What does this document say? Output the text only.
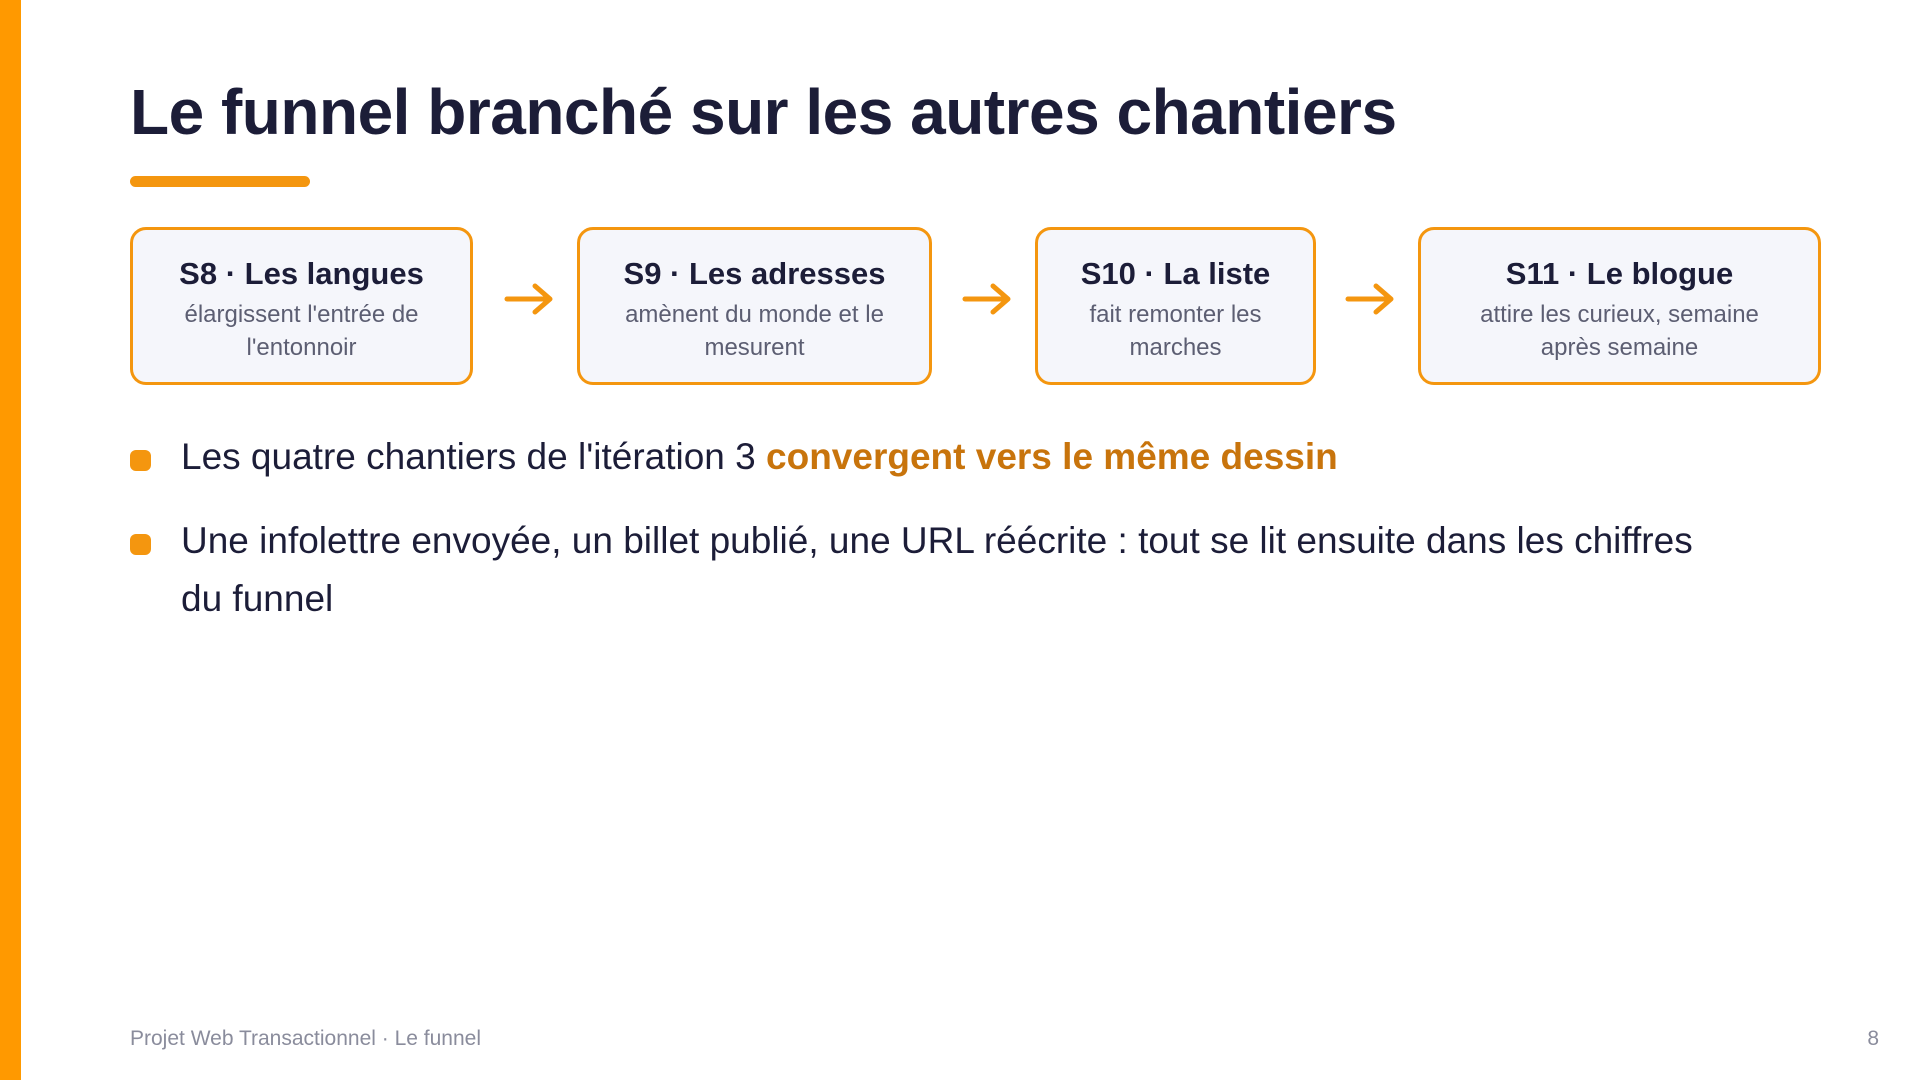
Le funnel branché sur les autres chantiers
S8 · Les langues
élargissent l'entrée de l'entonnoir
S9 · Les adresses
amènent du monde et le mesurent
S10 · La liste
fait remonter les marches
S11 · Le blogue
attire les curieux, semaine après semaine
Les quatre chantiers de l'itération 3 convergent vers le même dessin
Une infolettre envoyée, un billet publié, une URL réécrite : tout se lit ensuite dans les chiffres du funnel
Projet Web Transactionnel · Le funnel	8
